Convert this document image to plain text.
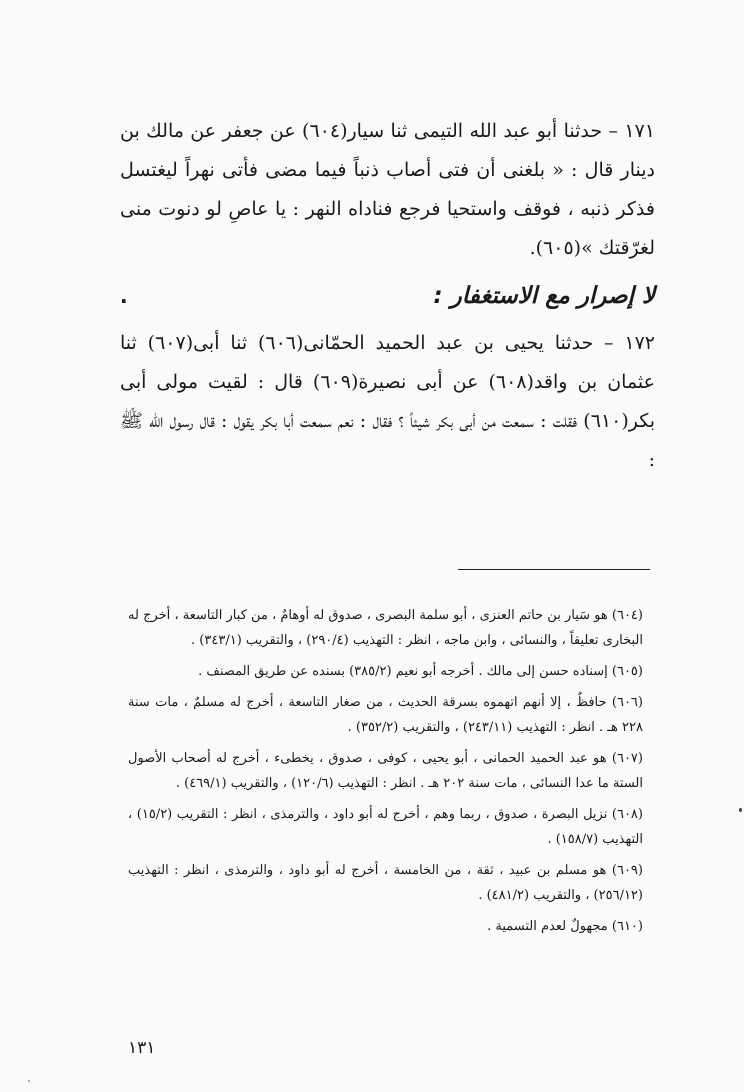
١٧١ – حدثنا أبو عبد الله التيمى ثنا سيار(٦٠٤) عن جعفر عن مالك بن دينار قال : « بلغنى أن فتى أصاب ذنباً فيما مضى فأتى نهراً ليغتسل فذكر ذنبه ، فوقف واستحيا فرجع فناداه النهر : يا عاصِ لو دنوت منى لغرّقتك »(٦٠٥).

لا إصرار مع الاستغفار :
.

١٧٢ – حدثنا يحيى بن عبد الحميد الحمّانى(٦٠٦) ثنا أبى(٦٠٧) ثنا عثمان بن واقد(٦٠٨) عن أبى نصيرة(٦٠٩) قال : لقيت مولى أبى بكر(٦١٠) فقلت : سمعت من أبى بكر شيئاً ؟ فقال : نعم سمعت أبا بكر يقول : قال رسول الله ﷺ :

(٦٠٤) هو سَيار بن حاتم العنزى ، أبو سلمة البصرى ، صدوق له أوهامٌ ، من كبار التاسعة ، أخرج له البخارى تعليقاً ، والنسائى ، وابن ماجه ، انظر : التهذيب (٢٩٠/٤) ، والتقريب (٣٤٣/١) .

(٦٠٥) إسناده حسن إلى مالك . أخرجه أبو نعيم (٣٨٥/٢) بسنده عن طريق المصنف .

(٦٠٦) حافظٌ ، إلا أنهم اتهموه بسرقة الحديث ، من صغار التاسعة ، أخرج له مسلمٌ ، مات سنة ٢٢٨ هـ . انظر : التهذيب (٢٤٣/١١) ، والتقريب (٣٥٢/٢) .

(٦٠٧) هو عبد الحميد الحمانى ، أبو يحيى ، كوفى ، صدوق ، يخطىء ، أخرج له أصحاب الأصول الستة ما عدا النسائى ، مات سنة ٢٠٢ هـ . انظر : التهذيب (١٢٠/٦) ، والتقريب (٤٦٩/١) .

(٦٠٨) نزيل البصرة ، صدوق ، ربما وهم ، أخرج له أبو داود ، والترمذى ، انظر : التقريب (١٥/٢) ، التهذيب (١٥٨/٧) .

(٦٠٩) هو مسلم بن عبيد ، ثقة ، من الخامسة ، أخرج له أبو داود ، والترمذى ، انظر : التهذيب (٢٥٦/١٢) ، والتقريب (٤٨١/٢) .

(٦١٠) مجهولٌ لعدم التسمية .

١٣١
